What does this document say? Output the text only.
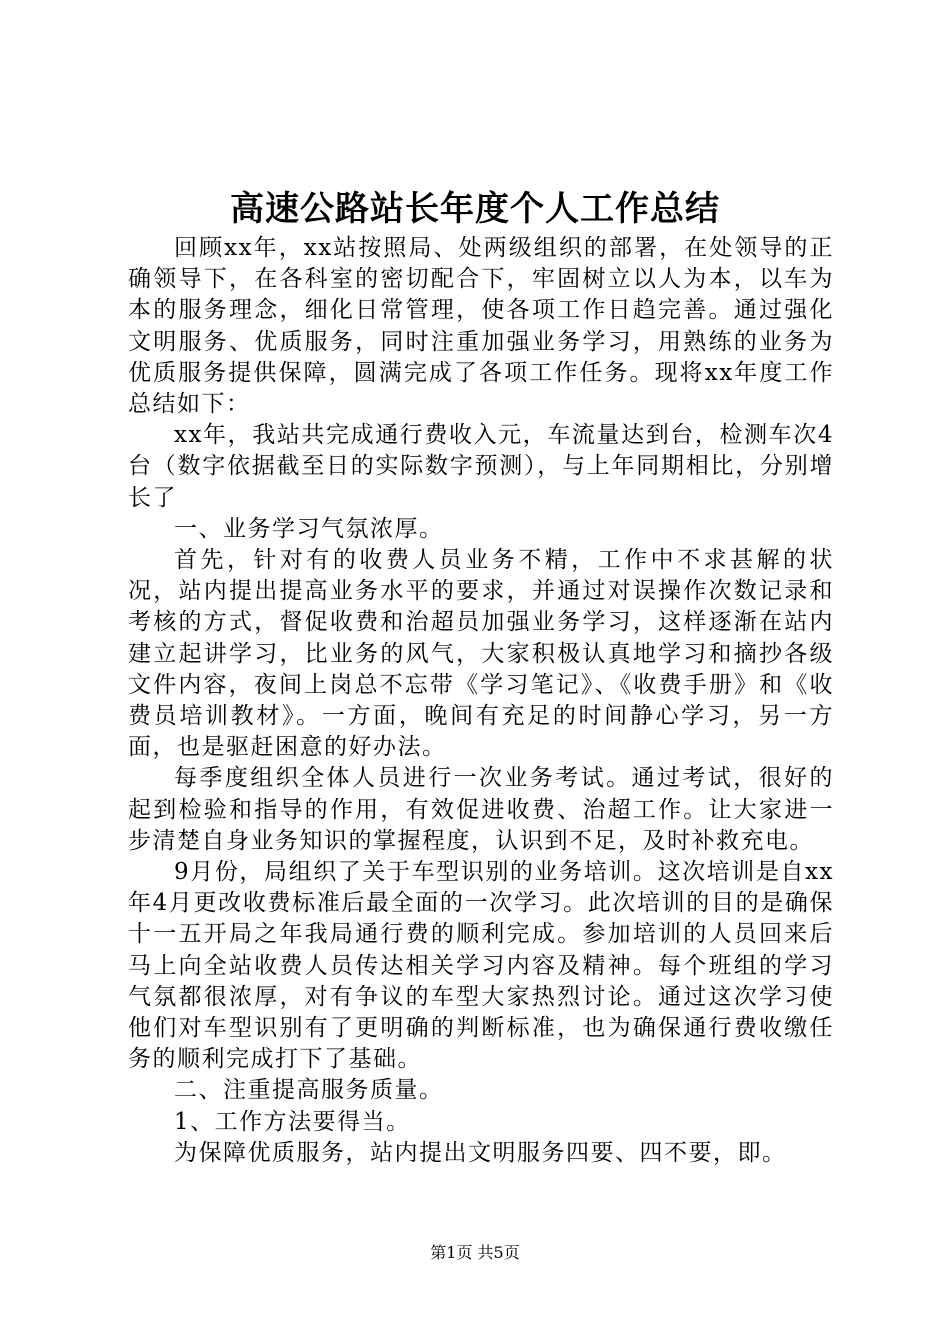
高速公路站长年度个人工作总结

回顾xx年，xx站按照局、处两级组织的部署，在处领导的正确领导下，在各科室的密切配合下，牢固树立以人为本，以车为本的服务理念，细化日常管理，使各项工作日趋完善。通过强化文明服务、优质服务，同时注重加强业务学习，用熟练的业务为优质服务提供保障，圆满完成了各项工作任务。现将xx年度工作总结如下：

xx年，我站共完成通行费收入元，车流量达到台，检测车次4台（数字依据截至日的实际数字预测），与上年同期相比，分别增长了

一、业务学习气氛浓厚。

首先，针对有的收费人员业务不精，工作中不求甚解的状况，站内提出提高业务水平的要求，并通过对误操作次数记录和考核的方式，督促收费和治超员加强业务学习，这样逐渐在站内建立起讲学习，比业务的风气，大家积极认真地学习和摘抄各级文件内容，夜间上岗总不忘带《学习笔记》、《收费手册》和《收费员培训教材》。一方面，晚间有充足的时间静心学习，另一方面，也是驱赶困意的好办法。

每季度组织全体人员进行一次业务考试。通过考试，很好的起到检验和指导的作用，有效促进收费、治超工作。让大家进一步清楚自身业务知识的掌握程度，认识到不足，及时补救充电。

9月份，局组织了关于车型识别的业务培训。这次培训是自xx年4月更改收费标准后最全面的一次学习。此次培训的目的是确保十一五开局之年我局通行费的顺利完成。参加培训的人员回来后马上向全站收费人员传达相关学习内容及精神。每个班组的学习气氛都很浓厚，对有争议的车型大家热烈讨论。通过这次学习使他们对车型识别有了更明确的判断标准，也为确保通行费收缴任务的顺利完成打下了基础。

二、注重提高服务质量。

1、工作方法要得当。

为保障优质服务，站内提出文明服务四要、四不要，即。

第1页 共5页
